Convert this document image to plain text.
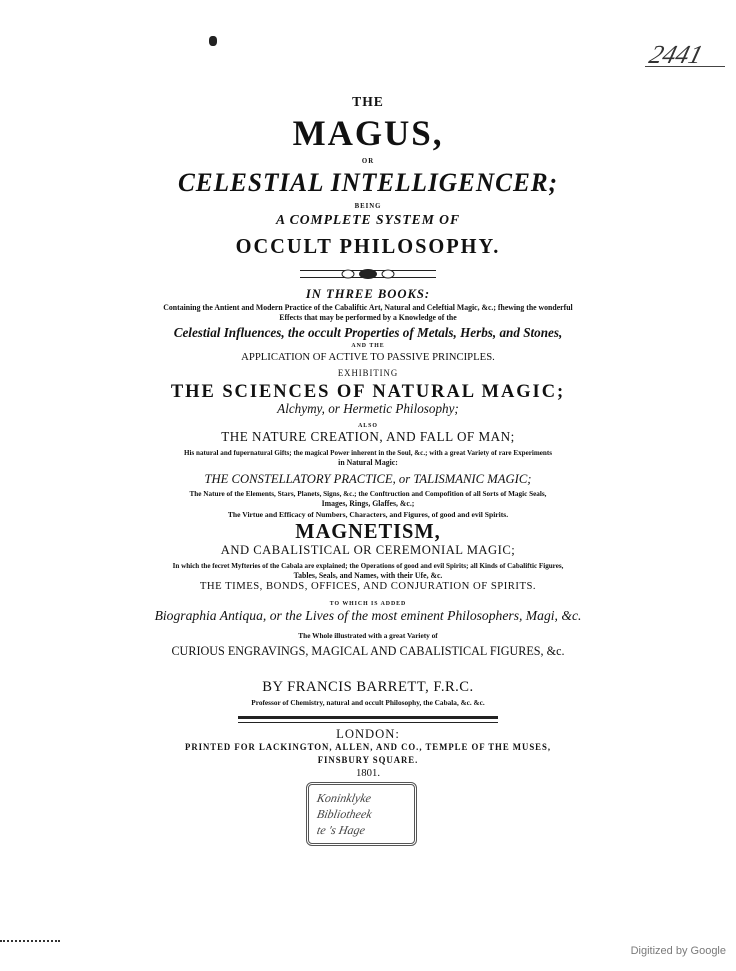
2441
THE
MAGUS,
OR
CELESTIAL INTELLIGENCER;
BEING
A COMPLETE SYSTEM OF
OCCULT PHILOSOPHY.
IN THREE BOOKS:
Containing the Antient and Modern Practice of the Cabaliftic Art, Natural and Celeftial Magic, &c.; fhewing the wonderful
Effects that may be performed by a Knowledge of the
Celestial Influences, the occult Properties of Metals, Herbs, and Stones,
AND THE
APPLICATION OF ACTIVE TO PASSIVE PRINCIPLES.
EXHIBITING
THE SCIENCES OF NATURAL MAGIC;
Alchymy, or Hermetic Philosophy;
ALSO
THE NATURE CREATION, AND FALL OF MAN;
His natural and fupernatural Gifts; the magical Power inherent in the Soul, &c.; with a great Variety of rare Experiments
in Natural Magic:
THE CONSTELLATORY PRACTICE, or TALISMANIC MAGIC;
The Nature of the Elements, Stars, Planets, Signs, &c.; the Conftruction and Compofition of all Sorts of Magic Seals,
Images, Rings, Glaffes, &c.;
The Virtue and Efficacy of Numbers, Characters, and Figures, of good and evil Spirits.
MAGNETISM,
AND CABALISTICAL OR CEREMONIAL MAGIC;
In which the fecret Myfteries of the Cabala are explained; the Operations of good and evil Spirits; all Kinds of Cabaliftic Figures,
Tables, Seals, and Names, with their Ufe, &c.
THE TIMES, BONDS, OFFICES, AND CONJURATION OF SPIRITS.
TO WHICH IS ADDED
Biographia Antiqua, or the Lives of the most eminent Philosophers, Magi, &c.
The Whole illustrated with a great Variety of
CURIOUS ENGRAVINGS, MAGICAL AND CABALISTICAL FIGURES, &c.
BY FRANCIS BARRETT, F.R.C.
Professor of Chemistry, natural and occult Philosophy, the Cabala, &c. &c.
LONDON:
PRINTED FOR LACKINGTON, ALLEN, AND CO., TEMPLE OF THE MUSES,
FINSBURY SQUARE.
1801.
Koninklyke
Bibliotheek
te 's Hage
Digitized by Google
